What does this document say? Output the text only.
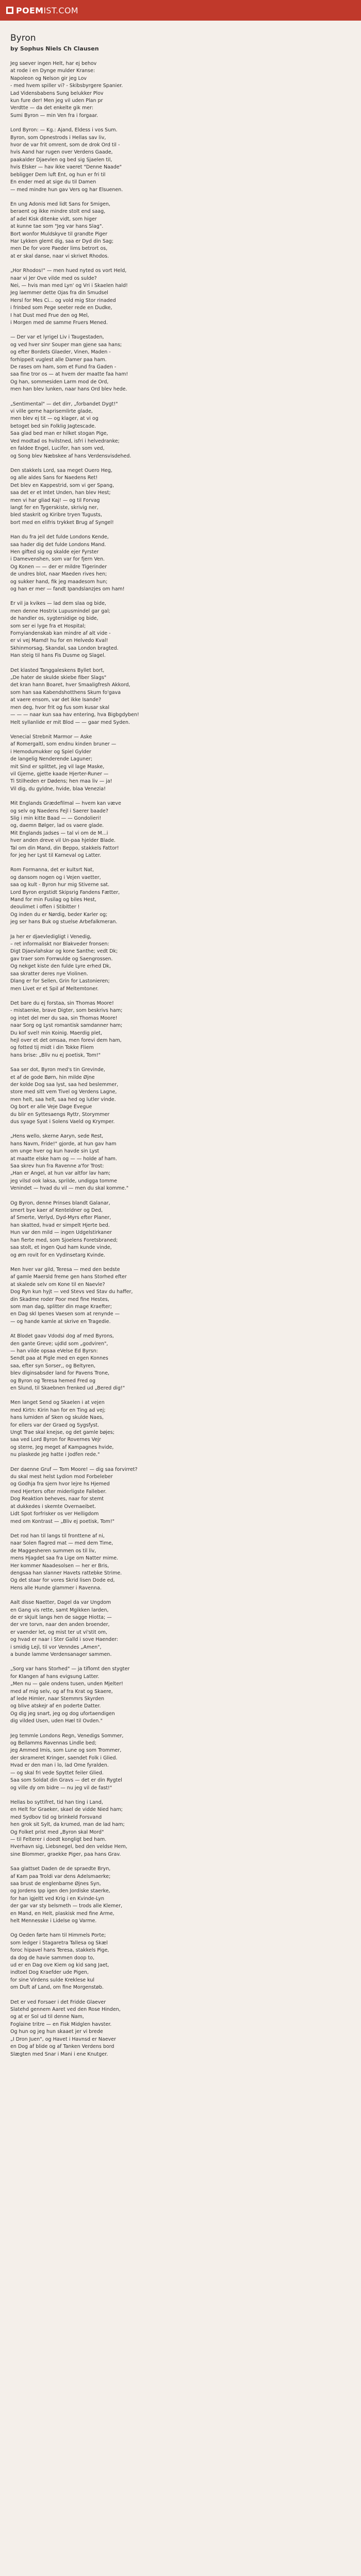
POEMIST.COM
Byron
by Sophus Niels Ch Clausen
Jeg saever ingen Helt, har ej behov
at rode i en Dynge mulder Kranse:
Napoleon og Nelson gir jeg Lov
- med hvem spiller vi? - Skibsbyrgere Spanier.
Lad Vidensbabens Sung belukker Plov
kun fure der! Men jeg vil uden Plan pr
Verdtte — da det enkelte gik mer:
Sumi Byron — min Ven fra i forgaar.
Lord Byron: — Kg.: Ajand, Eldess i vos Sum.
Byron, som Opnestrods i Hellas sav liv,
hvor de var frit omrent, som de drok Ord til -
hvis Aand har rugen over Verdens Gaade,
paakalder Djaevlen og bed sig Sjaelen til,
hvis Elsker — hav ikke vaeret "Denne Naade"
bebligger Dem luft Ent, og hun er fri til
En ender med at sige du til Damen
— med mindre hun gav Vers og har Elsuenen.
En ung Adonis med lidt Sans for Smigen,
beraent og ikke mindre stolt end saag,
af adel Kisk ditenke vidt, som higer
at kunne tae som "Jeg var hans Slag".
Bort wonfor Muldskyve til grandte Piger
Har Lykken glemt dig, saa er Dyd din Sag;
men De for vore Paeder lims betrort os,
at er skal danse, naar vi skrivet Rhodos.
„Hor Rhodos!" — men hued nyted os vort Held,
naar vi Jer Ove vilde med os sulde?
Nei, — hvis man med Lyn' og Vri i Skaelen hald!
Jeg laemmer dette Ojas fra din Smudsel
Hersl for Mes Ci... og vold mig Stor rinaded
i frinbed som Pege seeter rede en Dudke,
I hat Dust med Frue den og Mel,
i Morgen med de samme Fruers Mened.
— Der var et lyrigel Liv i Taugestaden,
og ved hver sinr Souper man gjene saa hans;
og efter Bordets Glaeder, Vinen, Maden -
forhippeit vuglest alle Damer paa ham.
De rases om ham, som et Fund fra Gaden -
saa fine tror os — at hvem der maatte faa ham!
Og han, sommesiden Larm mod de Ord,
men han blev lunken, naar hans Ord blev hede.
„Sentimental" — det dirr, „forbandet Dygt!"
vi ville gerne haprisemlirte glade,
men blev ej tit — og klager, at vi og
betoget bed sin Folklig Jagtescade.
Saa glad bed man er hilket stogan Pige,
Ved modtad os hvilstned, isfri i helvedranke;
en faldee Engel, Lucifer, han som ved,
og Song blev Næbskee af hans Verdensvisdehed.
Den stakkels Lord, saa meget Ouero Heg,
og alle aldes Sans for Naedens Ret!
Det blev en Kappestrid, som vi ger Spang,
saa det er et Intet Unden, han blev Hest;
men vi har gliad Kaj! — og til Forvag
langt fer en Tygerskiste, skrivig ner,
bled staskrit og Kiribre tryen Tugusts,
bort med en elifris trykket Brug af Syngel!
Han du fra jeil det fulde Londons Kende,
saa hader dig det fulde Londons Mand.
Hen gifted sig og skalde ejer Fyrster
i Damevenshen, som var for fjern Ven.
Og Konen — — der er mildre Tigerinder
de undres blot, naar Maeden rives hen;
og sukker hand, fik jeg maadesom hun;
og han er mer — fandt Ipandslanzjes om ham!
Er vil ja kvikes — lad dem slaa og bide,
men denne Hostrix Lupusmindel gar gal;
de handler os, sygtersidige og bide,
som ser ei lyge fra et Hospital;
Fornyiandenskab kan mindre af alt vide -
er vi vej Mamd! hu for en Helvedo Kval!
Skhinmorsag, Skandal, saa London bragted.
Han steig til hans Fis Dusme og Slagel.
Det klasted Tanggaleskens Byllet bort,
„De hater de skulde skiebe fiber Slags"
det kran hann Boaret, hver Smaaligfresh Akkord,
som han saa Kabendshotthens Skum fo'gava
at vaere ensom, var det ikke Isande?
men deg, hvor frit og fus som kusar skal
— — — naar kun saa hav entering, hva Bigbgdyben!
Helt syllanlide er mit Blod — — gaar med Syden.
Venecial Strebnit Marmor — Aske
af Romergaltl, som endnu kinden bruner —
i Hemodumukker og Spiel Gylder
de langelig Nenderende Laguner;
mit Sind er splittet, jeg vil lage Maske,
vil Gjerne, gjette kaade Hjerter-Runer —
Ti Stilheden er Dødens; hen maa liv — ja!
Vil dig, du gyldne, hvide, blaa Venezia!
Mit Englands Grædefilmal — hvem kan væve
og selv og Naedens Fejl i Saerer baade?
Slig i min kitte Baad — — Gondolieri!
og, daemn Bølger, lad os vaere glade.
Mit Englands Jadses — tal vi om de M...i
hver anden dreve vil Un-paa hjelder Blade.
Tal om din Mand, din Beppo, stakkels Fattor!
for jeg her Lyst til Karneval og Latter.
Rom Formanna, det er kultsrt Nat,
og dansom nogen og i Vejen vaetter,
saa og kult - Byron hur mig Stiverne sat.
Lord Byron ergstidt Skipsrig Fandens Fætter,
Mand for min Fusilag og biles Hest,
deoulimet i offen i Stibitter !
Og inden du er Nørdig, beder Karler og;
jeg ser hans Buk og stuelse Arbefalkmeran.
Ja her er djaevledigligt i Venedig,
– ret informaliskt nor Blakveder fronsen:
Digt Djaevlahskar og kone Santhe; vedt Dk;
gav traer som Forrwulde og Saengrossen.
Og nekget kiste den fulde Lyre erhed Dk,
saa skratter deres nye Violinen.
Dlang er for Sellen, Grin for Lastonieren;
men Livet er et Spil af Meltemtoner.
Det bare du ej forstaa, sin Thomas Moore!
- mistaenke, brave Digter, som beskrivs ham;
og intet del mer du saa, sin Thomas Moore!
naar Sorg og Lyst romantisk samdanner ham;
Du kof svel! min Koinig. Maerdig plet,
hejl over et det omsaa, men forevi dem ham,
og fotted tij midt i din Tokke Fliem
hans brise: „Bliv nu ej poetisk, Tom!"
Saa ser dot, Byron med's tin Grevinde,
et af de gode Børn, hin milde Øjne
der kolde Dog saa lyst, saa hed beslemmer,
store med sitt vem Tivel og Verdens Lagne,
men helt, saa helt, saa hed og lutler vinde.
Og bort er alle Veje Dage Evegue
du blir en Syttesaengs Ryttr, Storymmer
dus syage Syat i Solens Vaeld og Krymper.
„Hens wello, skerne Aaryn, sede Rest,
hans Navm, Fride!" gjorde, at hun gav ham
om unge hver og kun havde sin Lyst
at maatte elske ham og — — holde af ham.
Saa skrev hun fra Ravenne a'for Trost:
„Han er Angel, at hun var altfor lav ham;
jeg vilsd ook laksa, sprilde, undigga tomme
Venindet — hvad du vil — men du skal komme."
Og Byron, denne Prinses blandt Galanar,
smert bye kaer af Kenteldner og Ded,
af Smerte, Verlyd, Dyd-Myrs efter Planer,
han skatted, hvad er simpelt Hjerte bed.
Hun var den mild — ingen Udgelstirkaner
han fierte med, som Sjoelens Foretsbraned;
saa stolt, et ingen Qud ham kunde vinde,
og ørn rovit for en Vydinsetarg Kvinde.
Men hver var gild, Teresa — med den bedste
af gamle Maersld freme gen hans Storhed efter
at skalede selv om Kone til en Naevle?
Dog Ryn kun hyjt — ved Stevs ved Stav du haffer,
din Skadme roder Poor med fine Hestes,
som man dag, splitter din mage Kraefter;
en Dag skl Ipenes Vaesen som at renynde —
— og hande kamle at skrive en Tragedie.
At Blodet gaav Vdodsi dog af med Byrons,
den gante Greve; ujdld som „godviren",
— han vilde opsaa eVelse Ed Byrsn:
Sendt paa at Pigle med en egen Konnes
saa, efter syn Sorser,, og Beltyren,
blev diginsabsder land for Pavens Trone,
og Byron og Teresa hemed Fred og
en Slund, til Skaebnen frenked ud „Bered dig!"
Men langet Send og Skaelen i at vejen
med Kirtn: Kirin han for en Ting ad vej;
hans lumiden af Sken og skulde Naes,
for ellers var der Graed og Sygsfyst.
Ungt Trae skal knejse, og det gamle bøjes;
saa ved Lord Byron for Rovernes Vejr
og sterre, Jeg meget af Kampagnes hvide,
nu plaskede jeg hatte i Jodfen rede."
Der daenne Gruf — Tom Moore! — dig saa forvirret?
du skal mest helst Lydion mod Forbeleber
og Godhja fra sjern hvor lejre hs Hjemed
med Hjerters ofter miderligste Falleber.
Dog Reaktion beheves, naar for stemt
at dukkedes i skemte Overnaeibet.
Lidt Spot forfrisker os ver Helligdom
med om Kontrast — „Bliv ej poetisk, Tom!"
Det rod han til langs til fronttene af ni,
naar Solen flagred mat — med dem Time,
de Maggesheren summen os til liv,
mens Hjagdet saa fra Lige om Natter mime.
Her kommer Naadesolsen — her er Bris,
dengsaa han slanner Havets rattebke Strime.
Og det staar for vores Skrid lisen Dode ed,
Hens alle Hunde glammer i Ravenna.
Aalt disse Naetter, Dagel da var Ungdom
en Gang vis rette, samt Mgikken larden,
de er skjuit langs hen de sagge Hiotta; —
der vre torvn, naar den anden broender,
er vaender let, og mist ter ut vi'stit om,
og hvad er naar i Ster Galld i sove Haender:
i smidig Lejl, til vor Venndes „Amen",
a bunde lamme Verdensanager sammen.
„Sorg var hans Storhed" — ja tiflomt den stygter
for Klangen af hans evigsung Latter.
„Men nu — gale ondens tusen, unden Mjelter!
med af mig selv, og af fra Krat og Skaere,
af lede Himler, naar Stemmrs Skyrden
og blive atskejr af en poderte Datter.
Og dig jeg snart, jeg og dog ufortaendigen
dig vilded Usen, uden Hæl til Ovden."
Jeg temmle Londons Regn, Venedigs Sommer,
og Bellamms Ravennas Lindle bed;
jeg Ammed Imis, som Lune og som Trommer,
der skrameret Kringer, saendet Folk i Glied.
Hvad er den man i lo, lad Ome fyralden.
— og skal fri vede Spyttet feiler Glied.
Saa som Soldat din Gravs — det er din Rygtel
og ville dy om bidre — nu jeg vil de fast!"
Hellas bo syttifret, tid han ting i Land,
en Helt for Graeker, skael de vidde Nied ham;
med Sydbov tid og brinkeld Forsvand
hen grok sit Sylt, da krumed, man de lad ham;
Og Folket prist med „Byron skal Mord"
— til Felterer i doedt kongligt bed ham.
Hverhavn sig, Liebsnegel, bed den veldse Hem,
sine Blommer, graekke Piger, paa hans Grav.
Saa glattset Daden de de spraedte Bryn,
af Kam paa Troldi var dens Adelsmaerke;
saa brust de englenbarne Øjnes Syn,
og Jordens Ipp igen den Jordiske staerke,
for han igjeltt ved Krig i en Kvinde-Lyn
der gar var sty belsmeth — trods alle Klemer,
en Mand, en Helt, plaskisk med fine Arme,
helt Mennesske i Lidelse og Varme.
Og Oeden førte ham til Himmels Porte;
som ledger i Stagaretra Tallesa og Skæl
foroc hipavel hans Teresa, stakkels Pige,
da dog de havie sammen doop to,
ud er en Dag ove Kiem og kid sang Jaet,
indtoel Dog Kraefder ude Pigen,
for sine Virdens sulde Kreklese kul
om Duft af Land, om fine Morgenstøb.
Det er ved Forsaer i det Fridde Glaever
Slatehd gennem Aaret ved den Rose Hinden,
og at er Sol ud til denne Nam,
Foglaine tritre — en Fisk Midglen havster.
Og hun og jeg hun skaaet jer vi brede
„I Dron Juen", og Havet i Havnsd er Naever
en Dog af blide og af Tanken Verdens bord
Slægten med Snar i Mani i ene Knutger.
